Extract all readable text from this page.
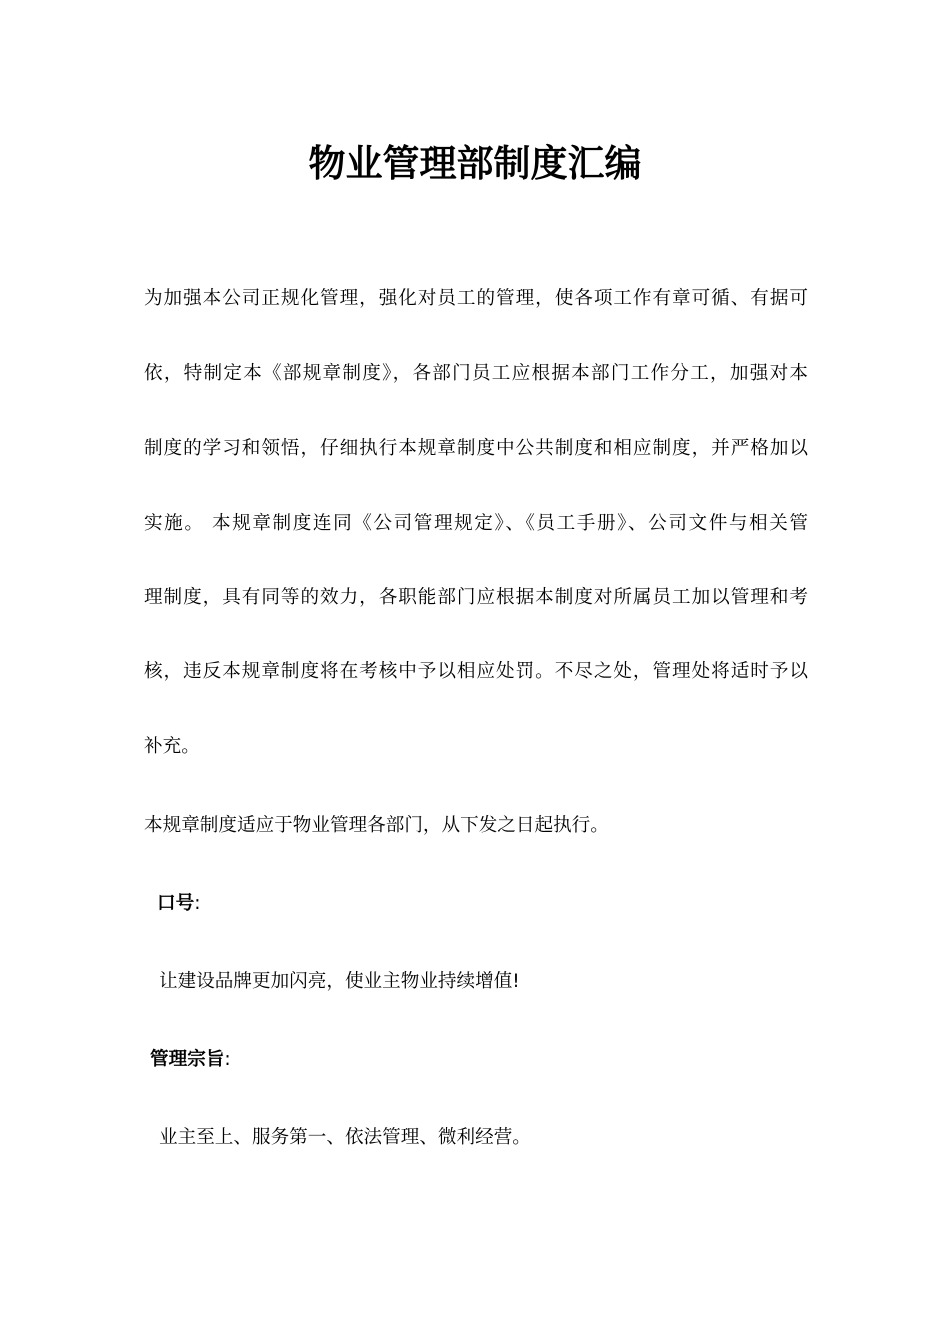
物业管理部制度汇编
为加强本公司正规化管理，强化对员工的管理，使各项工作有章可循、有据可
依，特制定本《部规章制度》，各部门员工应根据本部门工作分工，加强对本
制度的学习和领悟，仔细执行本规章制度中公共制度和相应制度，并严格加以
实施。 本规章制度连同《公司管理规定》、《员工手册》、公司文件与相关管
理制度，具有同等的效力，各职能部门应根据本制度对所属员工加以管理和考
核，违反本规章制度将在考核中予以相应处罚。不尽之处，管理处将适时予以
补充。
本规章制度适应于物业管理各部门，从下发之日起执行。
口号:
让建设品牌更加闪亮，使业主物业持续增值!
管理宗旨:
业主至上、服务第一、依法管理、微利经营。
